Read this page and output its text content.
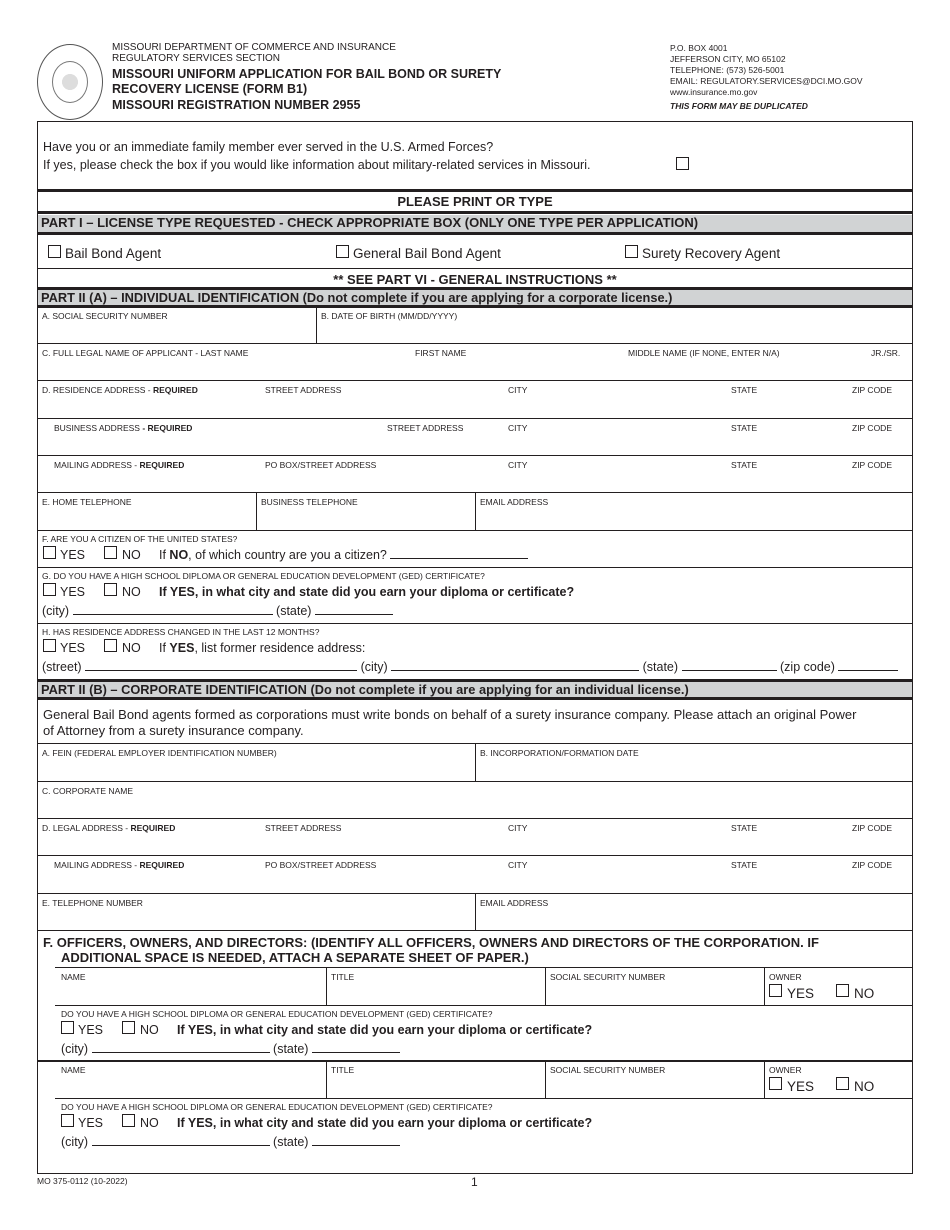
MISSOURI DEPARTMENT OF COMMERCE AND INSURANCE
REGULATORY SERVICES SECTION
MISSOURI UNIFORM APPLICATION FOR BAIL BOND OR SURETY
RECOVERY LICENSE (FORM B1)
MISSOURI REGISTRATION NUMBER 2955
P.O. BOX 4001
JEFFERSON CITY, MO 65102
TELEPHONE: (573) 526-5001
EMAIL: REGULATORY.SERVICES@DCI.MO.GOV
www.insurance.mo.gov
THIS FORM MAY BE DUPLICATED
Have you or an immediate family member ever served in the U.S. Armed Forces?
If yes, please check the box if you would like information about military-related services in Missouri.
PLEASE PRINT OR TYPE
PART I – LICENSE TYPE REQUESTED - CHECK APPROPRIATE BOX (ONLY ONE TYPE PER APPLICATION)
Bail Bond Agent	General Bail Bond Agent	Surety Recovery Agent
** SEE PART VI - GENERAL INSTRUCTIONS **
PART II (A) – INDIVIDUAL IDENTIFICATION (Do not complete if you are applying for a corporate license.)
A. SOCIAL SECURITY NUMBER	B. DATE OF BIRTH (MM/DD/YYYY)
C. FULL LEGAL NAME OF APPLICANT - LAST NAME	FIRST NAME	MIDDLE NAME (IF NONE, ENTER N/A)	JR./SR.
D. RESIDENCE ADDRESS - REQUIRED	STREET ADDRESS	CITY	STATE	ZIP CODE
BUSINESS ADDRESS - REQUIRED	STREET ADDRESS	CITY	STATE	ZIP CODE
MAILING ADDRESS - REQUIRED	PO BOX/STREET ADDRESS	CITY	STATE	ZIP CODE
E. HOME TELEPHONE	BUSINESS TELEPHONE	EMAIL ADDRESS
F. ARE YOU A CITIZEN OF THE UNITED STATES?
YES	NO If NO, of which country are you a citizen?
G. DO YOU HAVE A HIGH SCHOOL DIPLOMA OR GENERAL EDUCATION DEVELOPMENT (GED) CERTIFICATE?
YES	NO If YES, in what city and state did you earn your diploma or certificate?
(city)	(state)
H. HAS RESIDENCE ADDRESS CHANGED IN THE LAST 12 MONTHS?
YES	NO If YES, list former residence address:
(street)	(city)	(state)	(zip code)
PART II (B) – CORPORATE IDENTIFICATION (Do not complete if you are applying for an individual license.)
General Bail Bond agents formed as corporations must write bonds on behalf of a surety insurance company. Please attach an original Power
of Attorney from a surety insurance company.
A. FEIN (FEDERAL EMPLOYER IDENTIFICATION NUMBER)	B. INCORPORATION/FORMATION DATE
C. CORPORATE NAME
D. LEGAL ADDRESS - REQUIRED	STREET ADDRESS	CITY	STATE	ZIP CODE
MAILING ADDRESS - REQUIRED	PO BOX/STREET ADDRESS	CITY	STATE	ZIP CODE
E. TELEPHONE NUMBER	EMAIL ADDRESS
F. OFFICERS, OWNERS, AND DIRECTORS: (IDENTIFY ALL OFFICERS, OWNERS AND DIRECTORS OF THE CORPORATION. IF
ADDITIONAL SPACE IS NEEDED, ATTACH A SEPARATE SHEET OF PAPER.)
NAME	TITLE	SOCIAL SECURITY NUMBER	OWNER
YES	NO
DO YOU HAVE A HIGH SCHOOL DIPLOMA OR GENERAL EDUCATION DEVELOPMENT (GED) CERTIFICATE?
YES	NO If YES, in what city and state did you earn your diploma or certificate?
(city)	(state)
NAME	TITLE	SOCIAL SECURITY NUMBER	OWNER
YES	NO
DO YOU HAVE A HIGH SCHOOL DIPLOMA OR GENERAL EDUCATION DEVELOPMENT (GED) CERTIFICATE?
YES	NO If YES, in what city and state did you earn your diploma or certificate?
(city)	(state)
MO 375-0112 (10-2022)	1
